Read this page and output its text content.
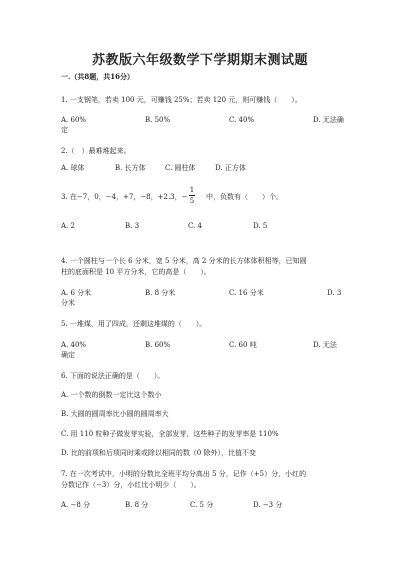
苏教版六年级数学下学期期末测试题
一.（共8题，共16分）
1. 一支钢笔，若卖 100 元，可赚钱 25%；若卖 120 元，则可赚钱（　　）。
A. 60%	B. 50%	C. 40%	D. 无法确
定
2.（　）最难堆起来。
A. 球体	B. 长方体	C. 圆柱体	D. 正方体
3. 在−7，0，−4，+7，−8，+2.3，−
1
5 中，负数有（　　）个。
A. 2	B. 3	C. 4	D. 5
4. 一个圆柱与一个长 6 分米，宽 5 分米，高 2 分米的长方体体积相等，已知圆
柱的底面积是 10 平方分米，它的高是（　　）。
A. 6 分米	B. 8 分米	C. 16 分米	D. 3
分米
5. 一堆煤，用了四成，还剩这堆煤的（　　）。
A. 40%	B. 60%	C. 60 吨	D. 无法
确定
6. 下面的说法正确的是（　　）。
A. 一个数的倒数一定比这个数小
B. 大圆的圆周率比小圆的圆周率大
C. 用 110 粒种子做发芽实验，全部发芽，这些种子的发芽率是 110%
D. 比的前项和后项同时乘或除以相同的数（0 除外），比值不变
7. 在一次考试中，小明的分数比全班平均分高出 5 分，记作（+5）分，小红的
分数记作（−3）分，小红比小明少（　　）。
A. −8 分	B. 8 分	C. 5 分	D. −3 分
